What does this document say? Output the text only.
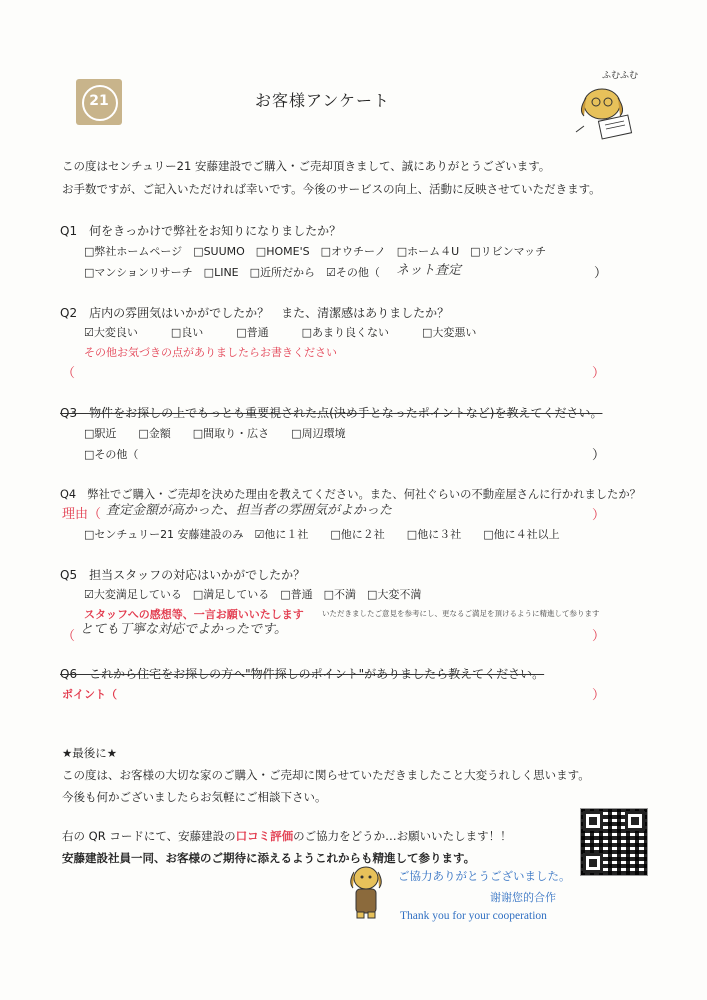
21	お客様アンケート
ふむふむ
この度はセンチュリー21 安藤建設でご購入・ご売却頂きまして、誠にありがとうございます。
お手数ですが、ご記入いただければ幸いです。今後のサービスの向上、活動に反映させていただきます。
Q1　何をきっかけで弊社をお知りになりましたか？
□弊社ホームページ　□SUUMO　□HOME'S　□オウチーノ　□ホーム４U　□リビンマッチ
□マンションリサーチ　□LINE　□近所だから　☑その他（ ネット査定	）
Q2　店内の雰囲気はいかがでしたか？　また、清潔感はありましたか？
☑大変良い　　　□良い　　　□普通　　　□あまり良くない　　　□大変悪い
その他お気づきの点がありましたらお書きください
（	）
Q3　物件をお探しの上でもっとも重要視された点(決め手となったポイントなど)を教えてください。
□駅近　　□金額　　□間取り・広さ　　□周辺環境
□その他（	）
Q4　弊社でご購入・ご売却を決めた理由を教えてください。また、何社ぐらいの不動産屋さんに行かれましたか？
理由（ 査定金額が高かった、担当者の雰囲気がよかった	）
□センチュリー21 安藤建設のみ　☑他に１社　　□他に２社　　□他に３社　　□他に４社以上
Q5　担当スタッフの対応はいかがでしたか？
☑大変満足している　□満足している　□普通　□不満　□大変不満
スタッフへの感想等、一言お願いいたします いただきましたご意見を参考にし、更なるご満足を頂けるように精進して参ります
（ とても丁寧な対応でよかったです。	）
Q6　これから住宅をお探しの方へ"物件探しのポイント"がありましたら教えてください。
ポイント（	）
★最後に★
この度は、お客様の大切な家のご購入・ご売却に関らせていただきましたこと大変うれしく思います。
今後も何かございましたらお気軽にご相談下さい。
右の QR コードにて、安藤建設の口コミ評価のご協力をどうか…お願いいたします！！
安藤建設社員一同、お客様のご期待に添えるようこれからも精進して参ります。
ご協力ありがとうございました。
谢谢您的合作
Thank you for your cooperation
